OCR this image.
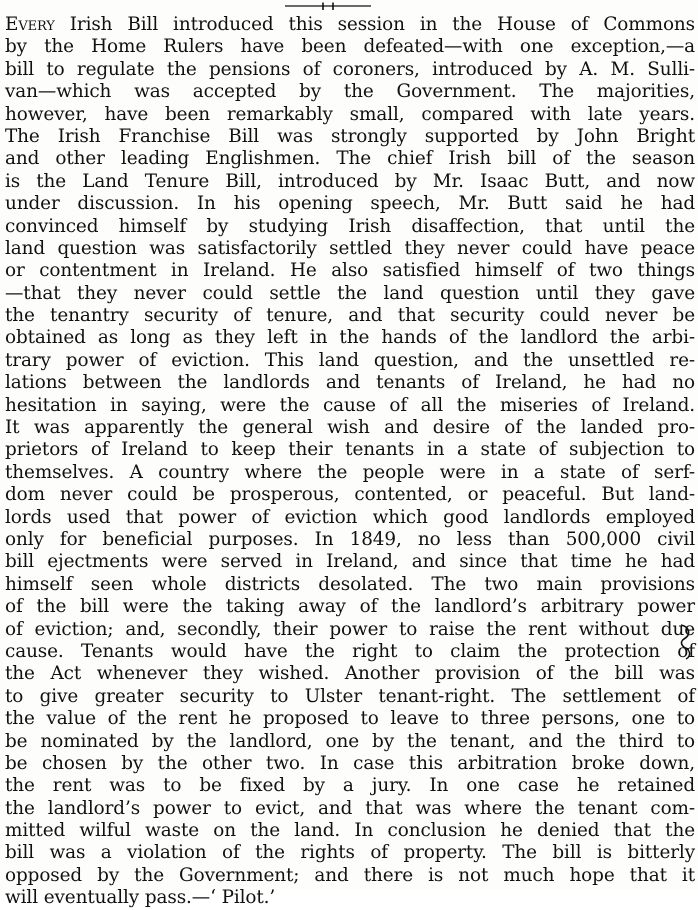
Every Irish Bill introduced this session in the House of Commons
by the Home Rulers have been defeated—with one exception,—a
bill to regulate the pensions of coroners, introduced by A. M. Sulli-
van—which was accepted by the Government. The majorities,
however, have been remarkably small, compared with late years.
The Irish Franchise Bill was strongly supported by John Bright
and other leading Englishmen. The chief Irish bill of the season
is the Land Tenure Bill, introduced by Mr. Isaac Butt, and now
under discussion. In his opening speech, Mr. Butt said he had
convinced himself by studying Irish disaffection, that until the
land question was satisfactorily settled they never could have peace
or contentment in Ireland. He also satisfied himself of two things
—that they never could settle the land question until they gave
the tenantry security of tenure, and that security could never be
obtained as long as they left in the hands of the landlord the arbi-
trary power of eviction. This land question, and the unsettled re-
lations between the landlords and tenants of Ireland, he had no
hesitation in saying, were the cause of all the miseries of Ireland.
It was apparently the general wish and desire of the landed pro-
prietors of Ireland to keep their tenants in a state of subjection to
themselves. A country where the people were in a state of serf-
dom never could be prosperous, contented, or peaceful. But land-
lords used that power of eviction which good landlords employed
only for beneficial purposes. In 1849, no less than 500,000 civil
bill ejectments were served in Ireland, and since that time he had
himself seen whole districts desolated. The two main provisions
of the bill were the taking away of the landlord’s arbitrary power
of eviction; and, secondly, their power to raise the rent without due
cause. Tenants would have the right to claim the protection of
the Act whenever they wished. Another provision of the bill was
to give greater security to Ulster tenant-right. The settlement of
the value of the rent he proposed to leave to three persons, one to
be nominated by the landlord, one by the tenant, and the third to
be chosen by the other two. In case this arbitration broke down,
the rent was to be fixed by a jury. In one case he retained
the landlord’s power to evict, and that was where the tenant com-
mitted wilful waste on the land. In conclusion he denied that the
bill was a violation of the rights of property. The bill is bitterly
opposed by the Government; and there is not much hope that it
will eventually pass.—‘ Pilot.’
